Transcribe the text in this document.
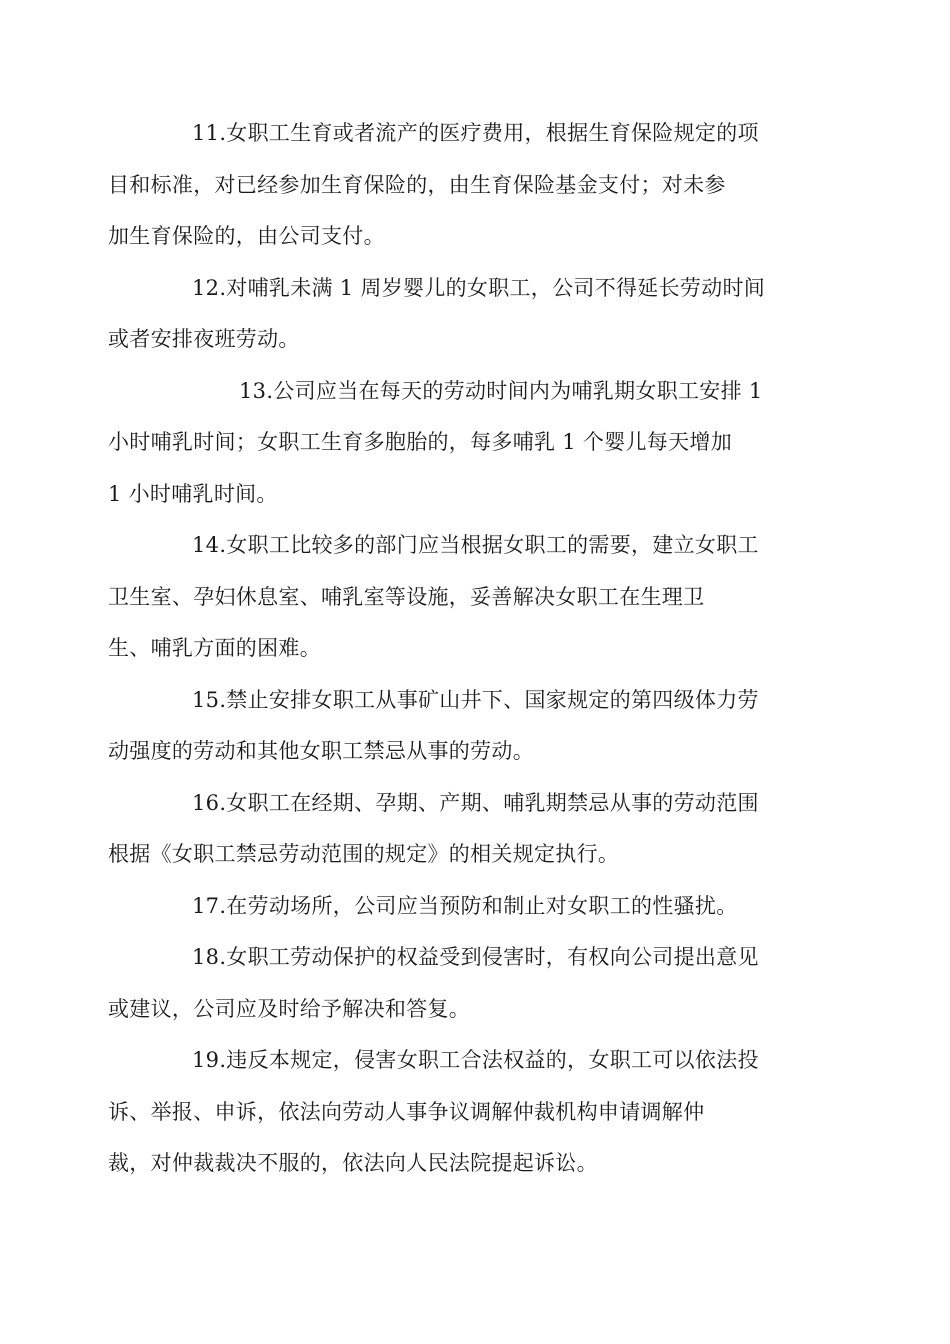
11.女职工生育或者流产的医疗费用，根据生育保险规定的项
目和标准，对已经参加生育保险的，由生育保险基金支付；对未参
加生育保险的，由公司支付。

12.对哺乳未满 1 周岁婴儿的女职工，公司不得延长劳动时间
或者安排夜班劳动。

13.公司应当在每天的劳动时间内为哺乳期女职工安排 1
小时哺乳时间；女职工生育多胞胎的，每多哺乳 1 个婴儿每天增加
1 小时哺乳时间。

14.女职工比较多的部门应当根据女职工的需要，建立女职工
卫生室、孕妇休息室、哺乳室等设施，妥善解决女职工在生理卫
生、哺乳方面的困难。

15.禁止安排女职工从事矿山井下、国家规定的第四级体力劳
动强度的劳动和其他女职工禁忌从事的劳动。

16.女职工在经期、孕期、产期、哺乳期禁忌从事的劳动范围
根据《女职工禁忌劳动范围的规定》的相关规定执行。

17.在劳动场所，公司应当预防和制止对女职工的性骚扰。

18.女职工劳动保护的权益受到侵害时，有权向公司提出意见
或建议，公司应及时给予解决和答复。

19.违反本规定，侵害女职工合法权益的，女职工可以依法投
诉、举报、申诉，依法向劳动人事争议调解仲裁机构申请调解仲
裁，对仲裁裁决不服的，依法向人民法院提起诉讼。
